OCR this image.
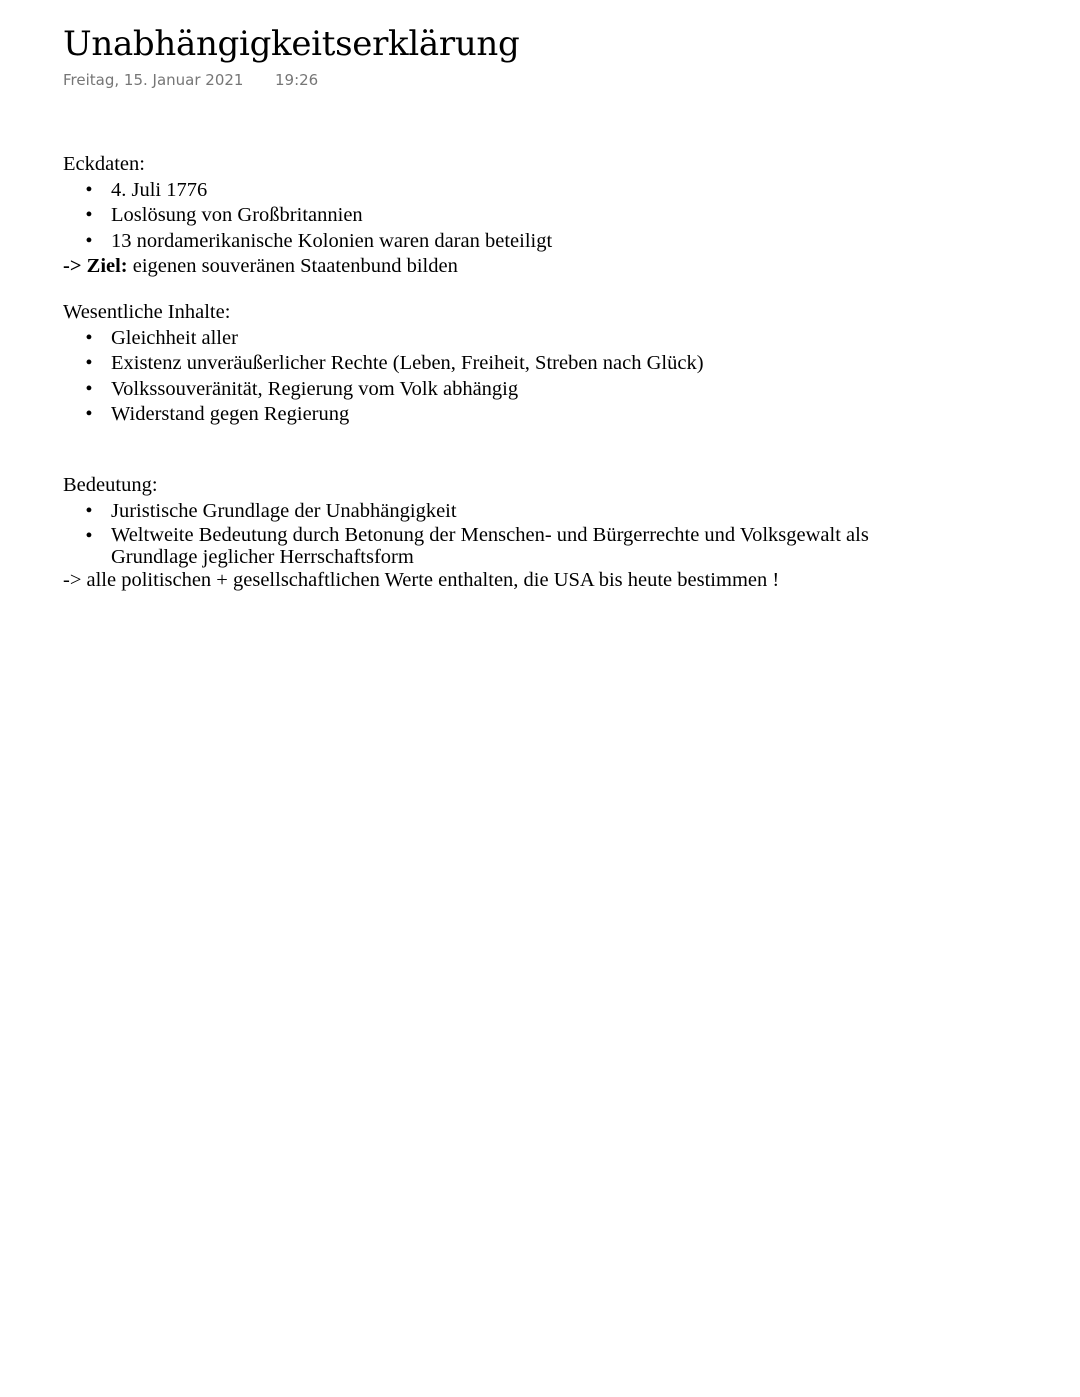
Unabhängigkeitserklärung
Freitag, 15. Januar 2021 19:26

Eckdaten:

• 4. Juli 1776
• Loslösung von Großbritannien
• 13 nordamerikanische Kolonien waren daran beteiligt

-> Ziel: eigenen souveränen Staatenbund bilden

Wesentliche Inhalte:

• Gleichheit aller
• Existenz unveräußerlicher Rechte (Leben, Freiheit, Streben nach Glück)
• Volkssouveränität, Regierung vom Volk abhängig
• Widerstand gegen Regierung

Bedeutung:

• Juristische Grundlage der Unabhängigkeit
• Weltweite Bedeutung durch Betonung der Menschen- und Bürgerrechte und Volksgewalt als Grundlage jeglicher Herrschaftsform

-> alle politischen + gesellschaftlichen Werte enthalten, die USA bis heute bestimmen !
